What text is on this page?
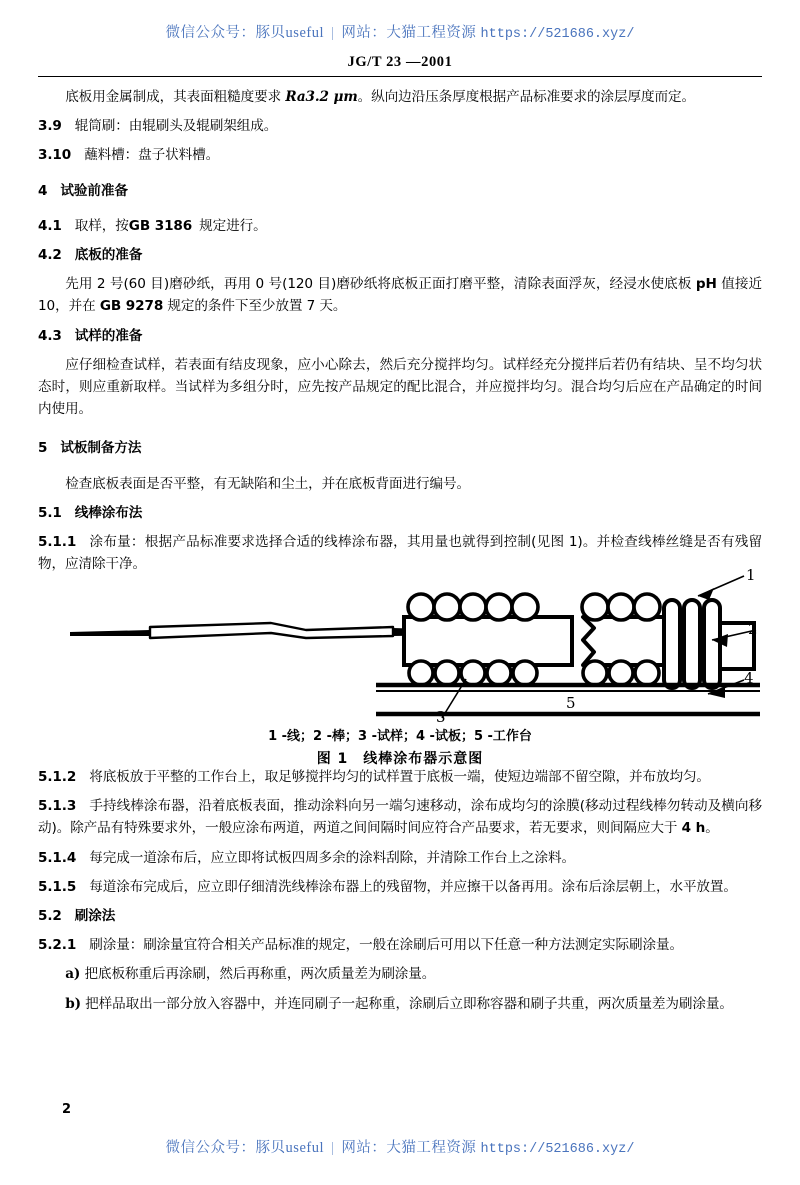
微信公众号：豚贝useful | 网站：大猫工程资源 https://521686.xyz/
JG/T 23 —2001

底板用金属制成，其表面粗糙度要求 Ra3.2 μm。纵向边沿压条厚度根据产品标准要求的涂层厚度而定。

3.9 辊筒刷：由辊刷头及辊刷架组成。

3.10 蘸料槽：盘子状料槽。

4 试验前准备

4.1 取样，按GB 3186 规定进行。

4.2 底板的准备

先用 2 号(60 目)磨砂纸，再用 0 号(120 目)磨砂纸将底板正面打磨平整，清除表面浮灰，经浸水使底板 pH 值接近 10，并在 GB 9278 规定的条件下至少放置 7 天。

4.3 试样的准备

应仔细检查试样，若表面有结皮现象，应小心除去，然后充分搅拌均匀。试样经充分搅拌后若仍有结块、呈不均匀状态时，则应重新取样。当试样为多组分时，应先按产品规定的配比混合，并应搅拌均匀。混合均匀后应在产品确定的时间内使用。

5 试板制备方法

检查底板表面是否平整，有无缺陷和尘土，并在底板背面进行编号。

5.1 线棒涂布法

5.1.1 涂布量：根据产品标准要求选择合适的线棒涂布器，其用量也就得到控制(见图 1)。并检查线棒丝缝是否有残留物，应清除干净。

1
2
4
3
5
1 -线；2 -棒；3 -试样；4 -试板；5 -工作台
图 1　线棒涂布器示意图

5.1.2 将底板放于平整的工作台上，取足够搅拌均匀的试样置于底板一端，使短边端部不留空隙，并布放均匀。

5.1.3 手持线棒涂布器，沿着底板表面，推动涂料向另一端匀速移动，涂布成均匀的涂膜(移动过程线棒勿转动及横向移动)。除产品有特殊要求外，一般应涂布两道，两道之间间隔时间应符合产品要求，若无要求，则间隔应大于 4 h。

5.1.4 每完成一道涂布后，应立即将试板四周多余的涂料刮除，并清除工作台上之涂料。

5.1.5 每道涂布完成后，应立即仔细清洗线棒涂布器上的残留物，并应擦干以备再用。涂布后涂层朝上，水平放置。

5.2 刷涂法

5.2.1 刷涂量：刷涂量宜符合相关产品标准的规定，一般在涂刷后可用以下任意一种方法测定实际刷涂量。

a) 把底板称重后再涂刷，然后再称重，两次质量差为刷涂量。

b) 把样品取出一部分放入容器中，并连同刷子一起称重，涂刷后立即称容器和刷子共重，两次质量差为刷涂量。

2
微信公众号：豚贝useful | 网站：大猫工程资源 https://521686.xyz/
